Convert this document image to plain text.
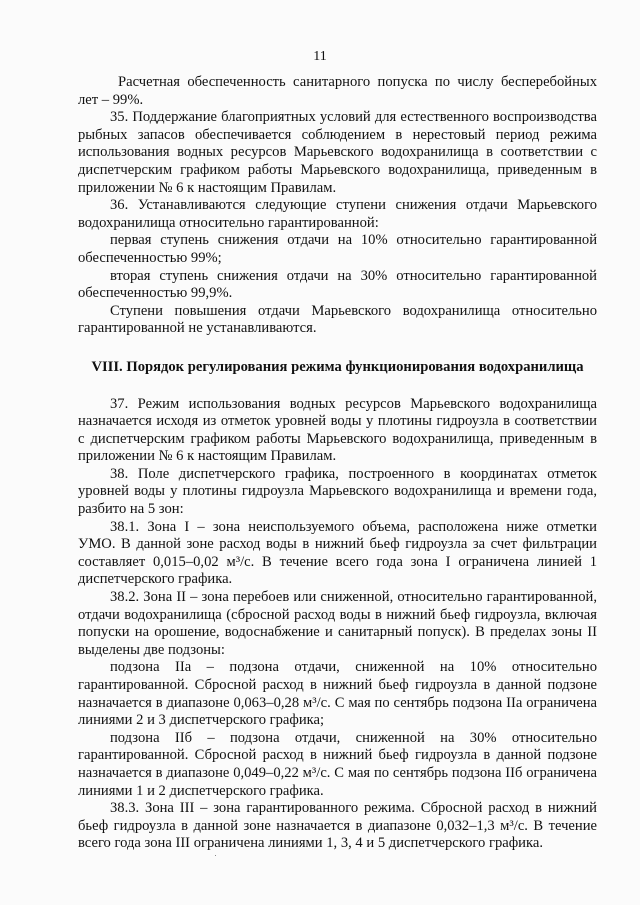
11

Расчетная обеспеченность санитарного попуска по числу бесперебойных лет – 99%.

35. Поддержание благоприятных условий для естественного воспроизводства рыбных запасов обеспечивается соблюдением в нерестовый период режима использования водных ресурсов Марьевского водохранилища в соответствии с диспетчерским графиком работы Марьевского водохранилища, приведенным в приложении № 6 к настоящим Правилам.

36. Устанавливаются следующие ступени снижения отдачи Марьевского водохранилища относительно гарантированной:

первая ступень снижения отдачи на 10% относительно гарантированной обеспеченностью 99%;

вторая ступень снижения отдачи на 30% относительно гарантированной обеспеченностью 99,9%.

Ступени повышения отдачи Марьевского водохранилища относительно гарантированной не устанавливаются.

VIII. Порядок регулирования режима функционирования водохранилища

37. Режим использования водных ресурсов Марьевского водохранилища назначается исходя из отметок уровней воды у плотины гидроузла в соответствии с диспетчерским графиком работы Марьевского водохранилища, приведенным в приложении № 6 к настоящим Правилам.

38. Поле диспетчерского графика, построенного в координатах отметок уровней воды у плотины гидроузла Марьевского водохранилища и времени года, разбито на 5 зон:

38.1. Зона I – зона неиспользуемого объема, расположена ниже отметки УМО. В данной зоне расход воды в нижний бьеф гидроузла за счет фильтрации составляет 0,015–0,02 м³/с. В течение всего года зона I ограничена линией 1 диспетчерского графика.

38.2. Зона II – зона перебоев или сниженной, относительно гарантированной, отдачи водохранилища (сбросной расход воды в нижний бьеф гидроузла, включая попуски на орошение, водоснабжение и санитарный попуск). В пределах зоны II выделены две подзоны:

подзона IIа – подзона отдачи, сниженной на 10% относительно гарантированной. Сбросной расход в нижний бьеф гидроузла в данной подзоне назначается в диапазоне 0,063–0,28 м³/с. С мая по сентябрь подзона IIа ограничена линиями 2 и 3 диспетчерского графика;

подзона IIб – подзона отдачи, сниженной на 30% относительно гарантированной. Сбросной расход в нижний бьеф гидроузла в данной подзоне назначается в диапазоне 0,049–0,22 м³/с. С мая по сентябрь подзона IIб ограничена линиями 1 и 2 диспетчерского графика.

38.3. Зона III – зона гарантированного режима. Сбросной расход в нижний бьеф гидроузла в данной зоне назначается в диапазоне 0,032–1,3 м³/с. В течение всего года зона III ограничена линиями 1, 3, 4 и 5 диспетчерского графика.
